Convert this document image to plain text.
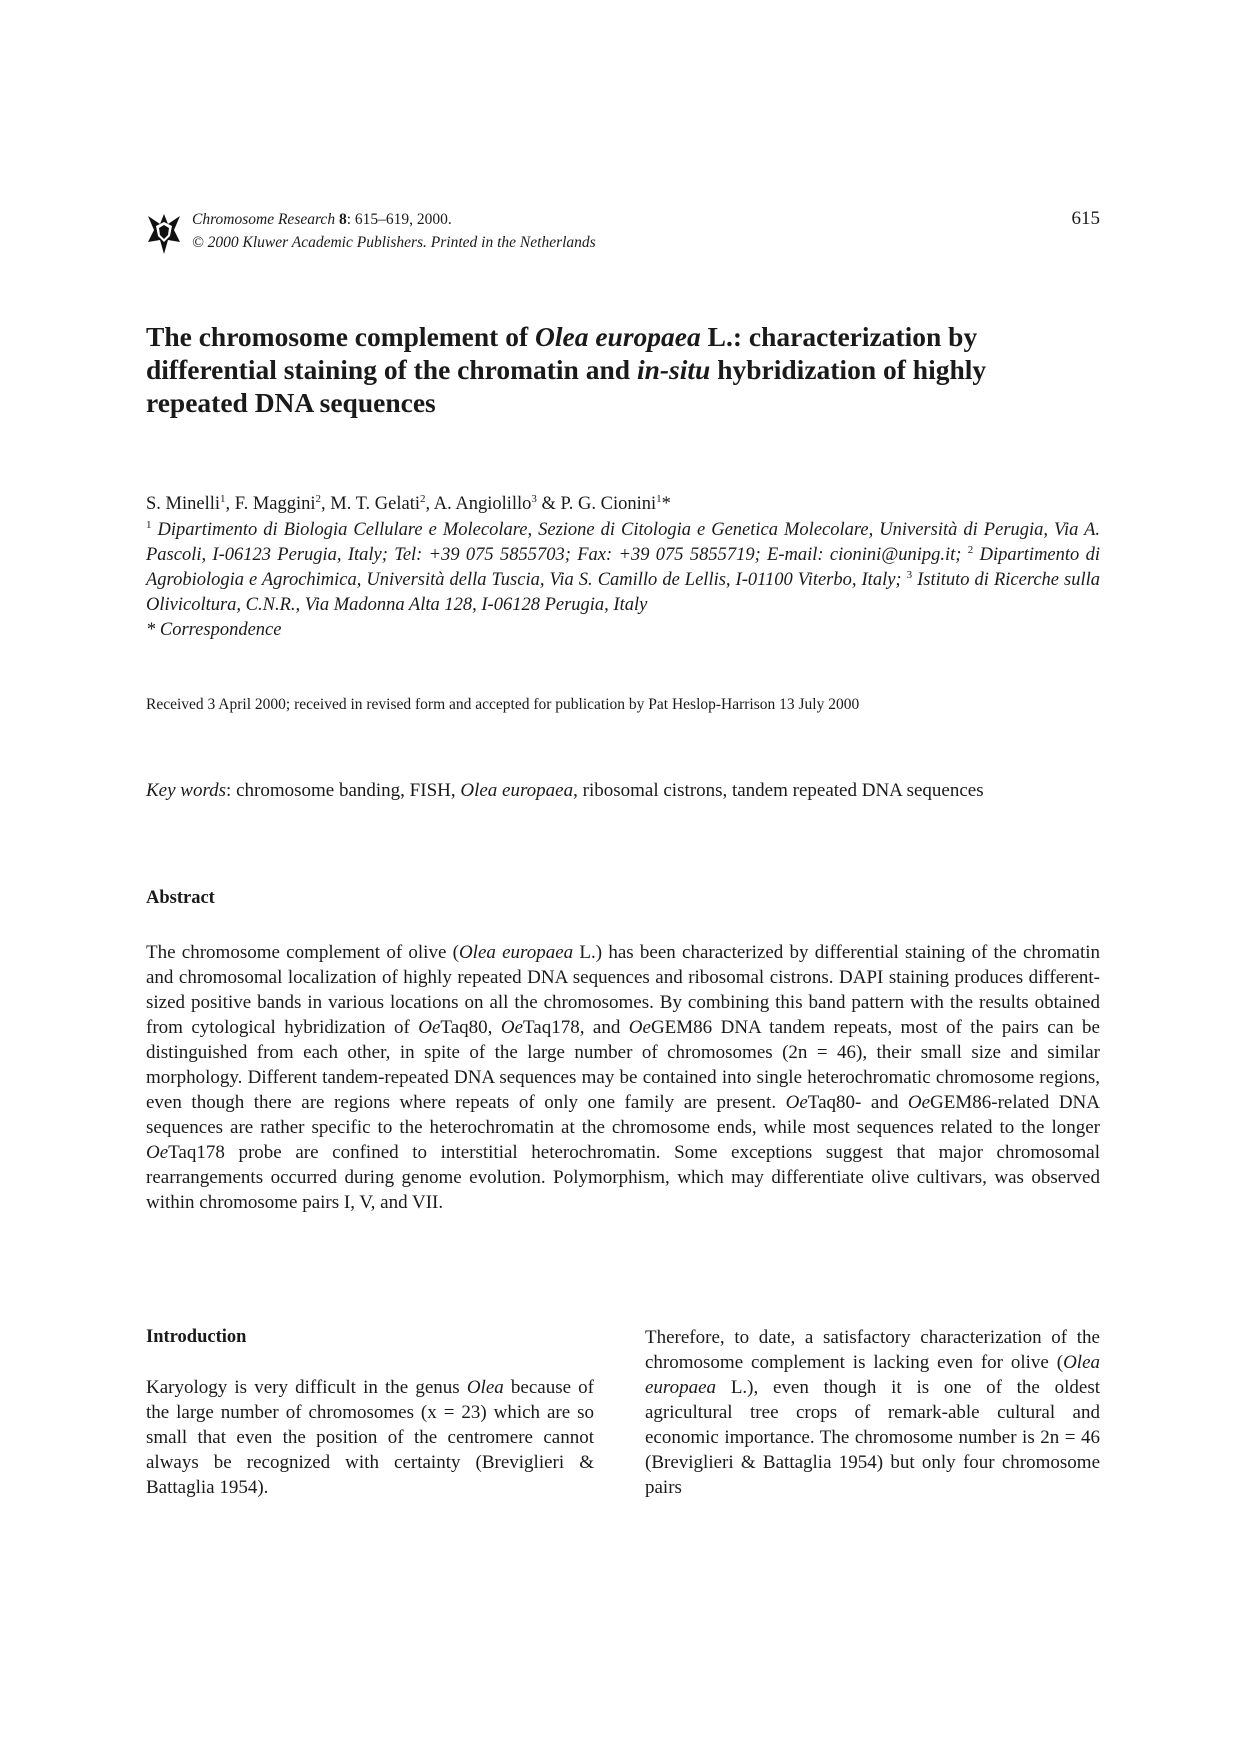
Chromosome Research 8: 615–619, 2000.
© 2000 Kluwer Academic Publishers. Printed in the Netherlands
615
The chromosome complement of Olea europaea L.: characterization by differential staining of the chromatin and in-situ hybridization of highly repeated DNA sequences

S. Minelli$^1$, F. Maggini$^2$, M. T. Gelati$^2$, A. Angiolillo$^3$ & P. G. Cionini$^1$*

$^1$ Dipartimento di Biologia Cellulare e Molecolare, Sezione di Citologia e Genetica Molecolare, Università di Perugia, Via A. Pascoli, I-06123 Perugia, Italy; Tel: +39 075 5855703; Fax: +39 075 5855719; E-mail: cionini@unipg.it; $^2$ Dipartimento di Agrobiologia e Agrochimica, Università della Tuscia, Via S. Camillo de Lellis, I-01100 Viterbo, Italy; $^3$ Istituto di Ricerche sulla Olivicoltura, C.N.R., Via Madonna Alta 128, I-06128 Perugia, Italy
* Correspondence

Received 3 April 2000; received in revised form and accepted for publication by Pat Heslop-Harrison 13 July 2000

Key words: chromosome banding, FISH, Olea europaea, ribosomal cistrons, tandem repeated DNA sequences

Abstract

The chromosome complement of olive (Olea europaea L.) has been characterized by differential staining of the chromatin and chromosomal localization of highly repeated DNA sequences and ribosomal cistrons. DAPI staining produces different-sized positive bands in various locations on all the chromosomes. By combining this band pattern with the results obtained from cytological hybridization of OeTaq80, OeTaq178, and OeGEM86 DNA tandem repeats, most of the pairs can be distinguished from each other, in spite of the large number of chromosomes (2n = 46), their small size and similar morphology. Different tandem-repeated DNA sequences may be contained into single heterochromatic chromosome regions, even though there are regions where repeats of only one family are present. OeTaq80- and OeGEM86-related DNA sequences are rather specific to the heterochromatin at the chromosome ends, while most sequences related to the longer OeTaq178 probe are confined to interstitial heterochromatin. Some exceptions suggest that major chromosomal rearrangements occurred during genome evolution. Polymorphism, which may differentiate olive cultivars, was observed within chromosome pairs I, V, and VII.

Introduction

Karyology is very difficult in the genus Olea because of the large number of chromosomes (x = 23) which are so small that even the position of the centromere cannot always be recognized with certainty (Breviglieri & Battaglia 1954).

Therefore, to date, a satisfactory characterization of the chromosome complement is lacking even for olive (Olea europaea L.), even though it is one of the oldest agricultural tree crops of remark-able cultural and economic importance. The chromosome number is 2n = 46 (Breviglieri & Battaglia 1954) but only four chromosome pairs
